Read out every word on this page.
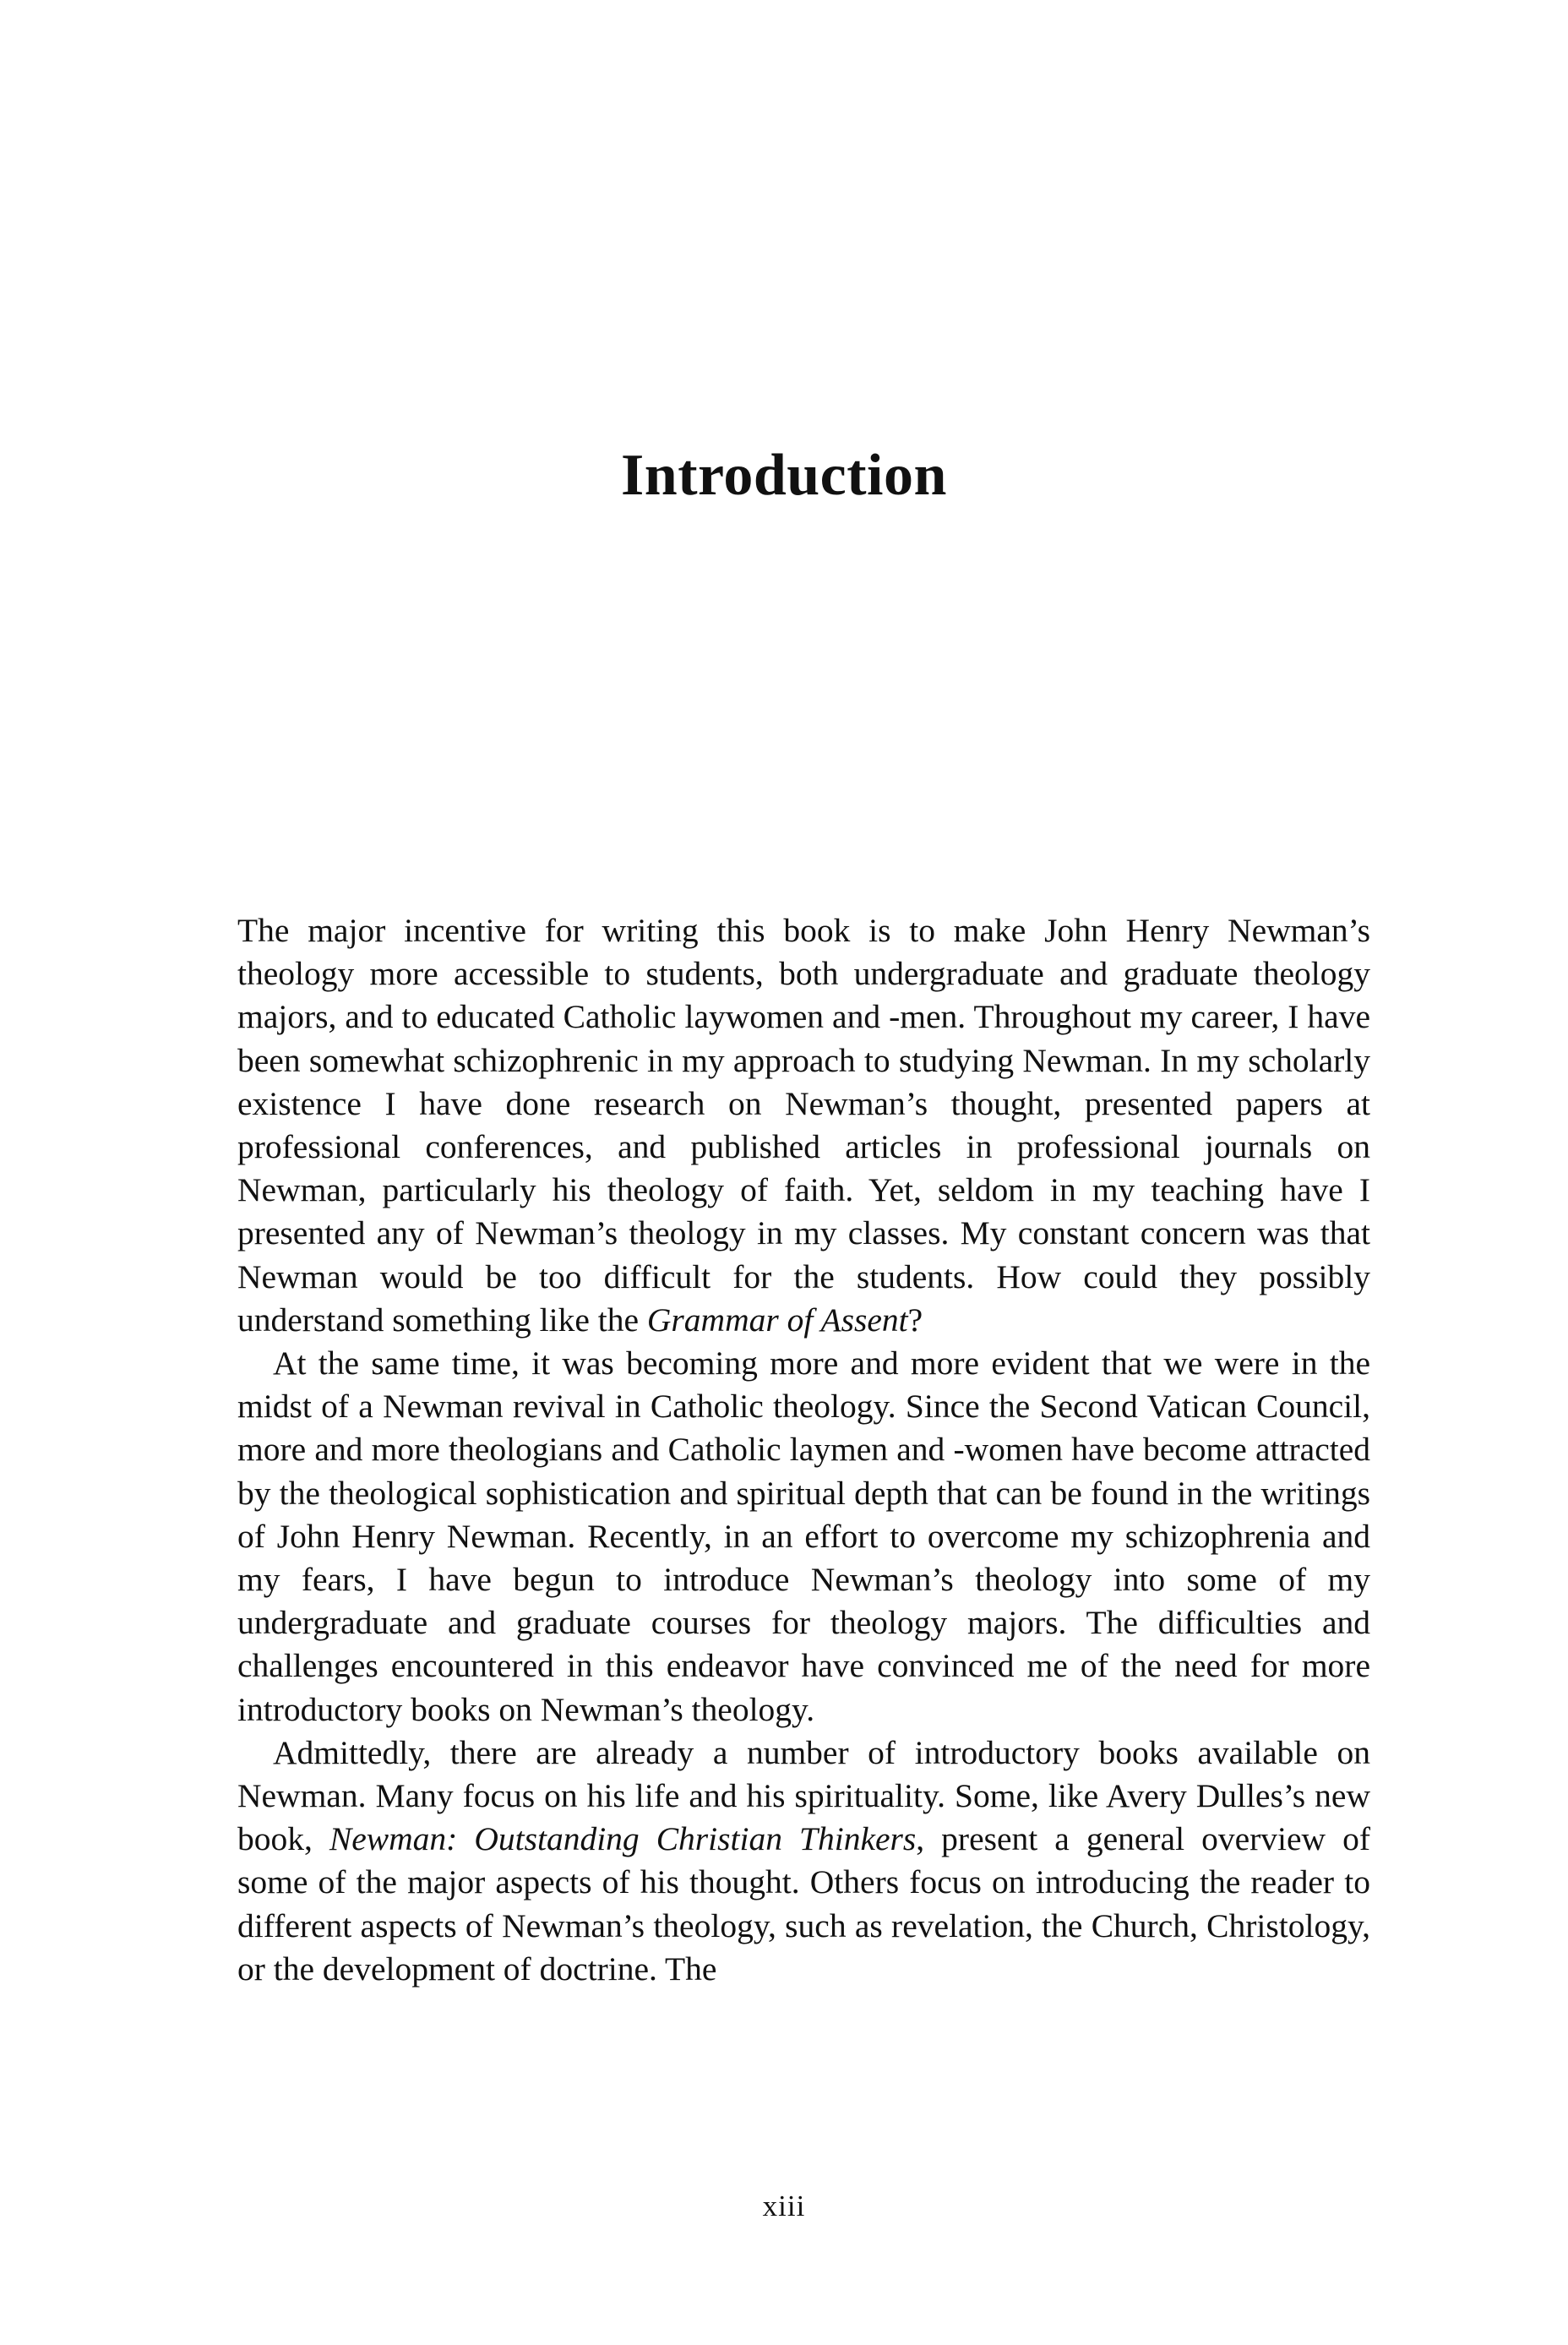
Introduction

The major incentive for writing this book is to make John Henry Newman’s theology more accessible to students, both undergraduate and graduate theology majors, and to educated Catholic laywomen and -men. Throughout my career, I have been somewhat schizophrenic in my approach to studying Newman. In my scholarly existence I have done research on Newman’s thought, presented papers at professional conferences, and published articles in professional journals on Newman, particularly his theology of faith. Yet, seldom in my teaching have I presented any of Newman’s theology in my classes. My constant concern was that Newman would be too difficult for the students. How could they possibly understand something like the Grammar of Assent?

At the same time, it was becoming more and more evident that we were in the midst of a Newman revival in Catholic theology. Since the Second Vatican Council, more and more theologians and Catholic laymen and -women have become attracted by the theological sophistication and spiritual depth that can be found in the writings of John Henry Newman. Recently, in an effort to overcome my schizophrenia and my fears, I have begun to introduce Newman’s theology into some of my undergraduate and graduate courses for theology majors. The difficulties and challenges encountered in this endeavor have convinced me of the need for more introductory books on Newman’s theology.

Admittedly, there are already a number of introductory books available on Newman. Many focus on his life and his spirituality. Some, like Avery Dulles’s new book, Newman: Outstanding Christian Thinkers, present a general overview of some of the major aspects of his thought. Others focus on introducing the reader to different aspects of Newman’s theology, such as revelation, the Church, Christology, or the development of doctrine. The

xiii
